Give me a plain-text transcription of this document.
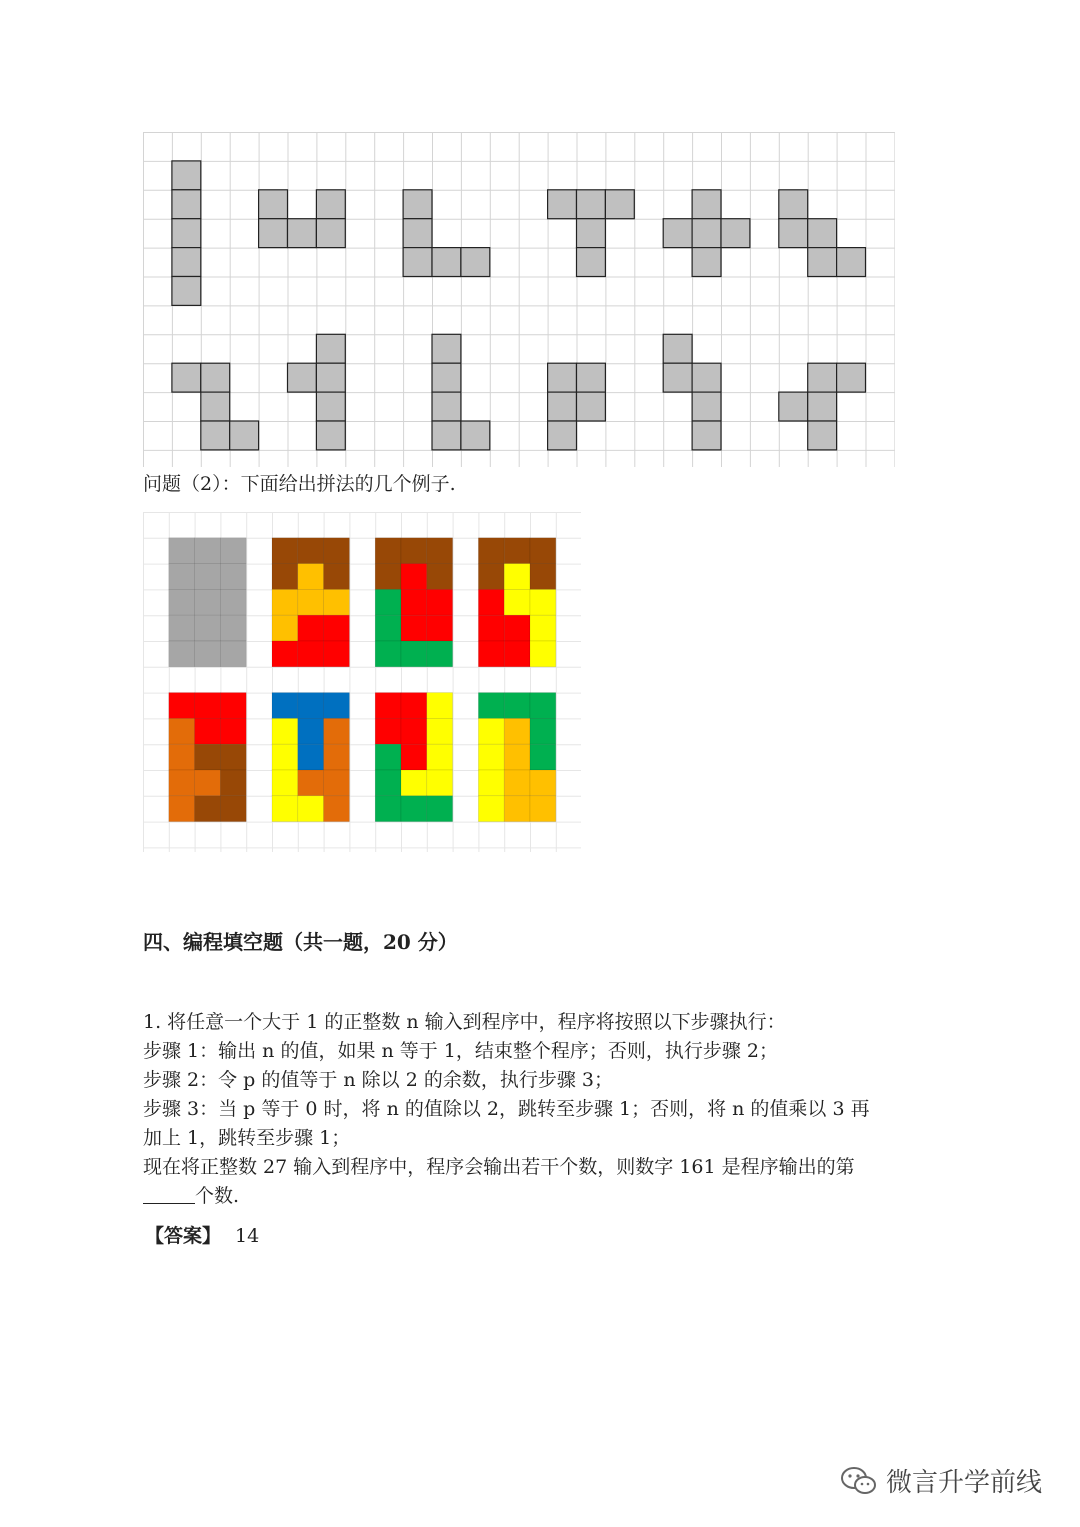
问题（2）：下面给出拼法的几个例子.
四、编程填空题（共一题，20 分）
1. 将任意一个大于 1 的正整数 n 输入到程序中，程序将按照以下步骤执行：
步骤 1：输出 n 的值，如果 n 等于 1，结束整个程序；否则，执行步骤 2；
步骤 2：令 p 的值等于 n 除以 2 的余数，执行步骤 3；
步骤 3：当 p 等于 0 时，将 n 的值除以 2，跳转至步骤 1；否则，将 n 的值乘以 3 再
加上 1，跳转至步骤 1；
现在将正整数 27 输入到程序中，程序会输出若干个数，则数字 161 是程序输出的第
个数.
【答案】 14
微言升学前线
